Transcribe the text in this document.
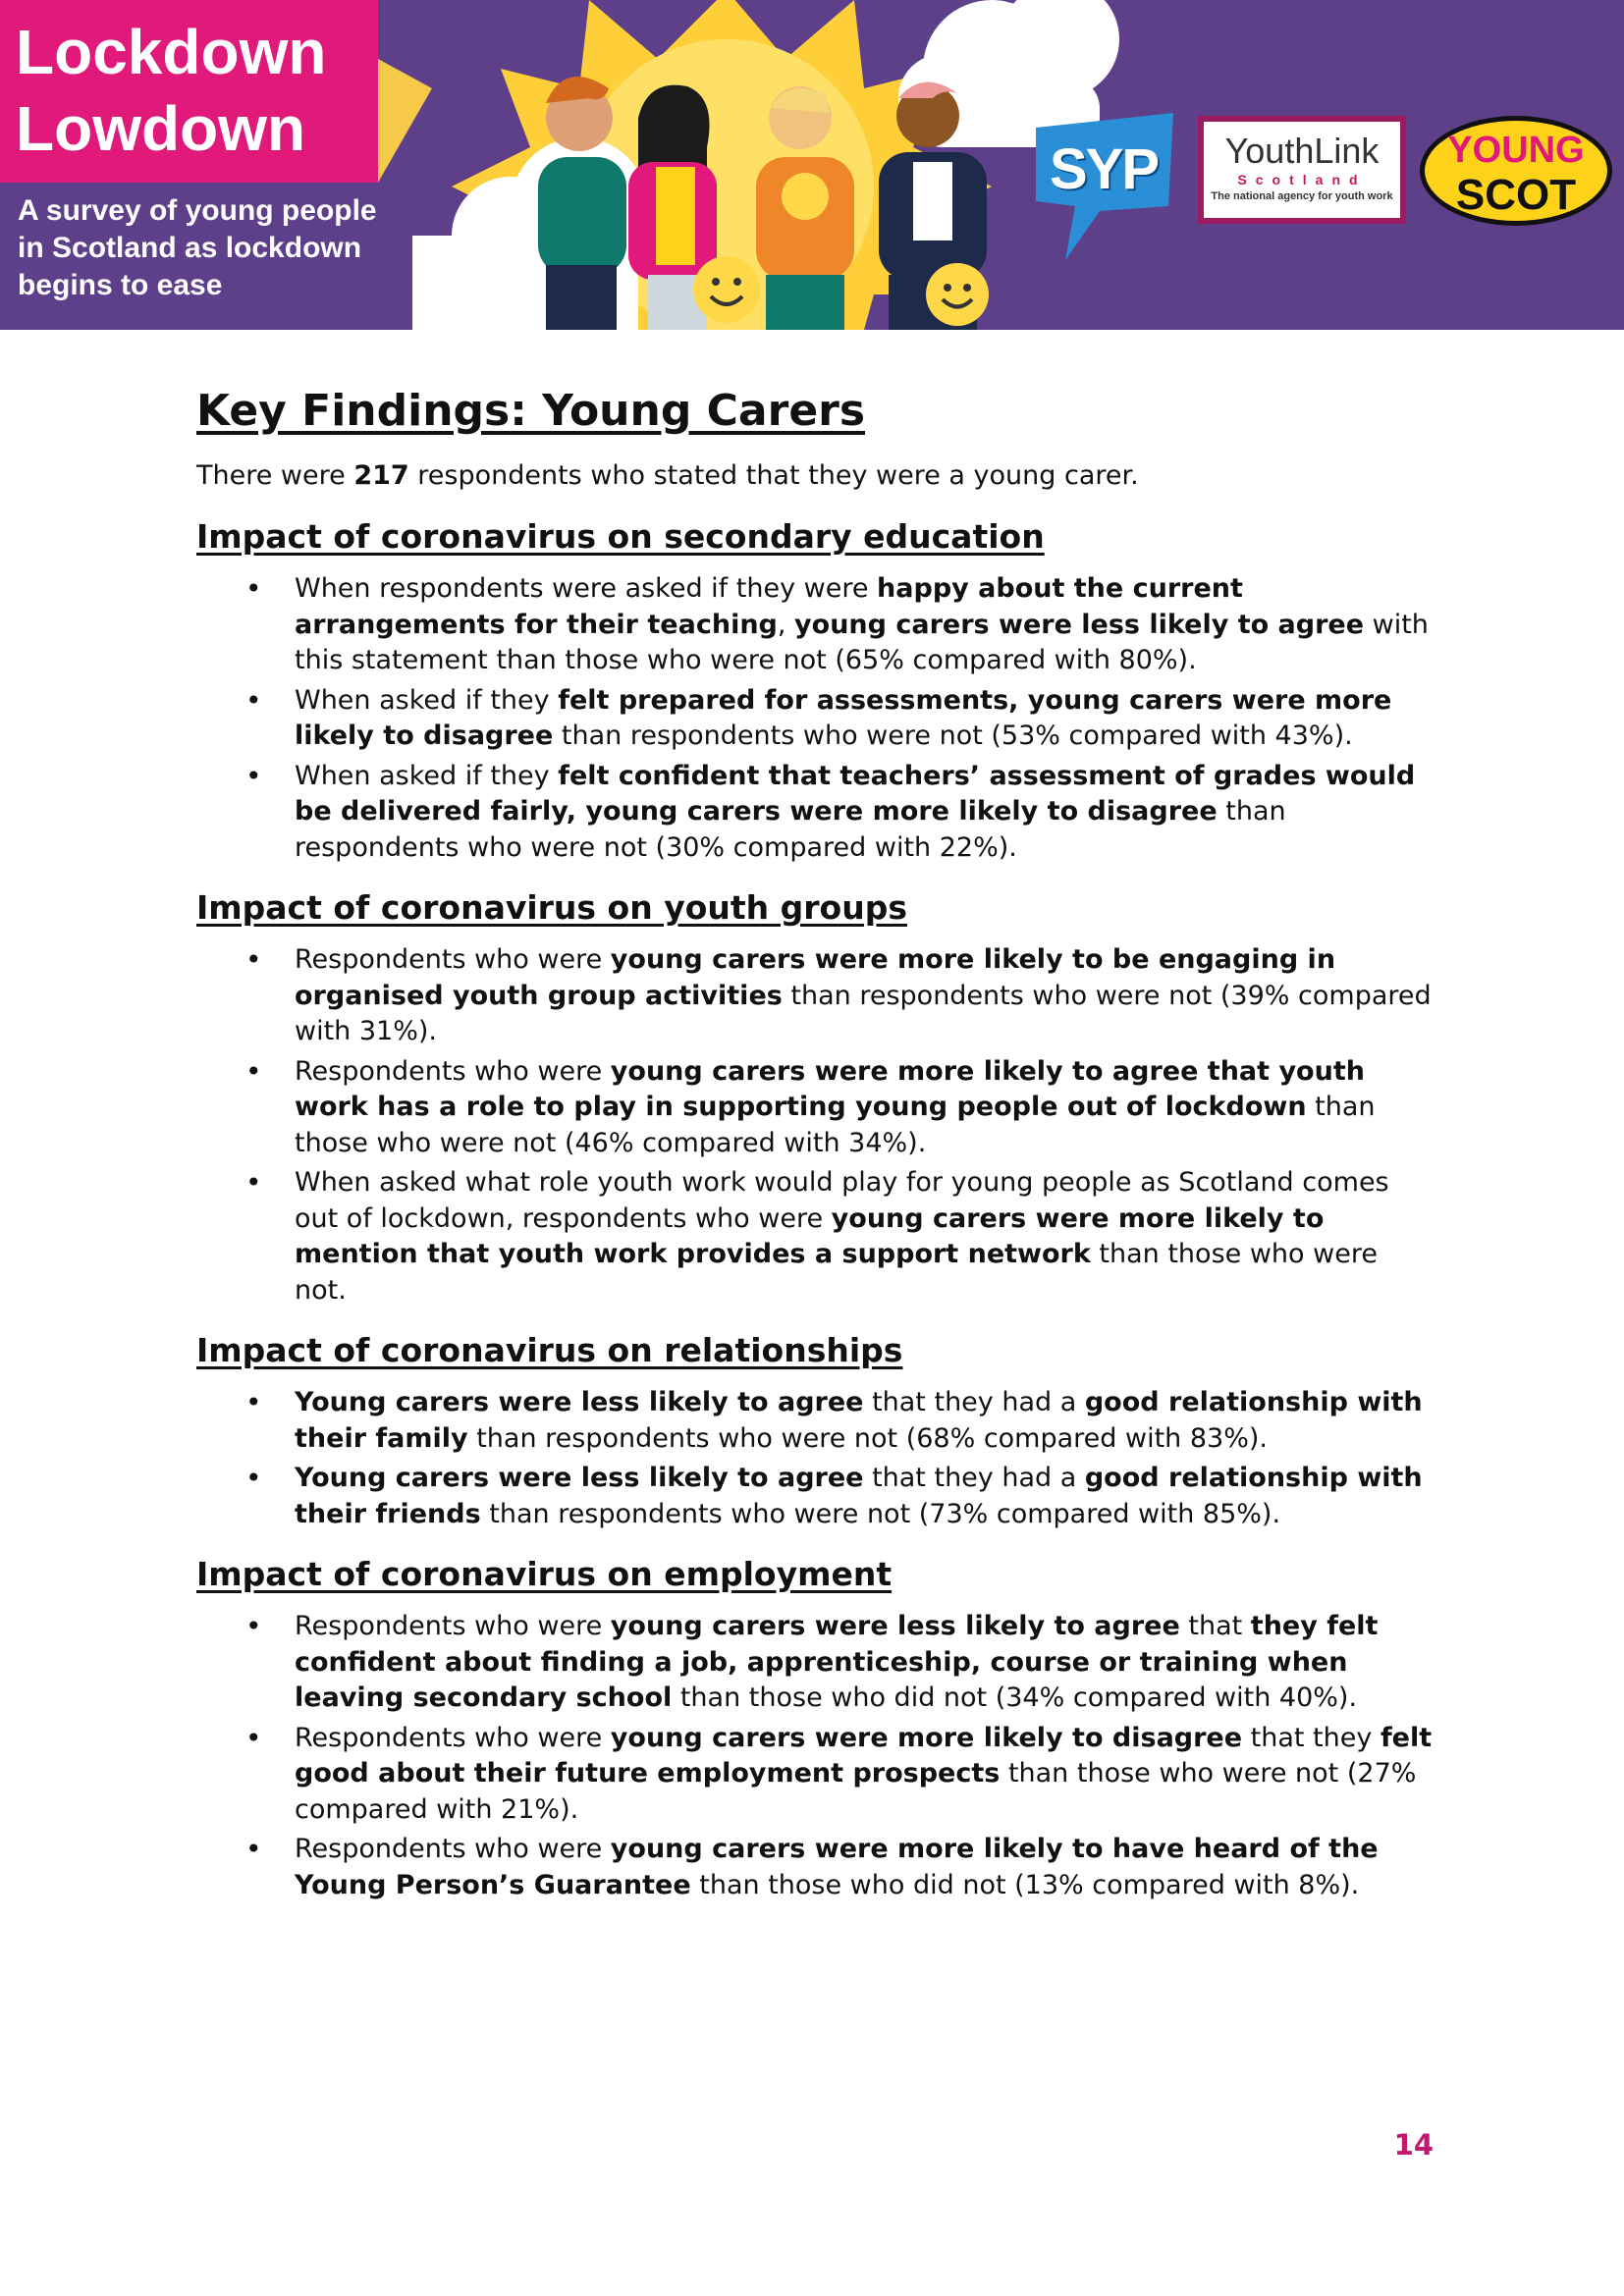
Lockdown
Lowdown
A survey of young people
in Scotland as lockdown
begins to ease
SYP	YouthLink
Scotland
The national agency for youth work
YOUNG
SCOT
Key Findings: Young Carers

There were 217 respondents who stated that they were a young carer.

Impact of coronavirus on secondary education
• When respondents were asked if they were happy about the current arrangements for their teaching, young carers were less likely to agree with this statement than those who were not (65% compared with 80%).
• When asked if they felt prepared for assessments, young carers were more likely to disagree than respondents who were not (53% compared with 43%).
• When asked if they felt confident that teachers’ assessment of grades would be delivered fairly, young carers were more likely to disagree than respondents who were not (30% compared with 22%).
Impact of coronavirus on youth groups
• Respondents who were young carers were more likely to be engaging in organised youth group activities than respondents who were not (39% compared with 31%).
• Respondents who were young carers were more likely to agree that youth work has a role to play in supporting young people out of lockdown than those who were not (46% compared with 34%).
• When asked what role youth work would play for young people as Scotland comes out of lockdown, respondents who were young carers were more likely to mention that youth work provides a support network than those who were not.
Impact of coronavirus on relationships
• Young carers were less likely to agree that they had a good relationship with their family than respondents who were not (68% compared with 83%).
• Young carers were less likely to agree that they had a good relationship with their friends than respondents who were not (73% compared with 85%).
Impact of coronavirus on employment
• Respondents who were young carers were less likely to agree that they felt confident about finding a job, apprenticeship, course or training when leaving secondary school than those who did not (34% compared with 40%).
• Respondents who were young carers were more likely to disagree that they felt good about their future employment prospects than those who were not (27% compared with 21%).
• Respondents who were young carers were more likely to have heard of the Young Person’s Guarantee than those who did not (13% compared with 8%).
14
